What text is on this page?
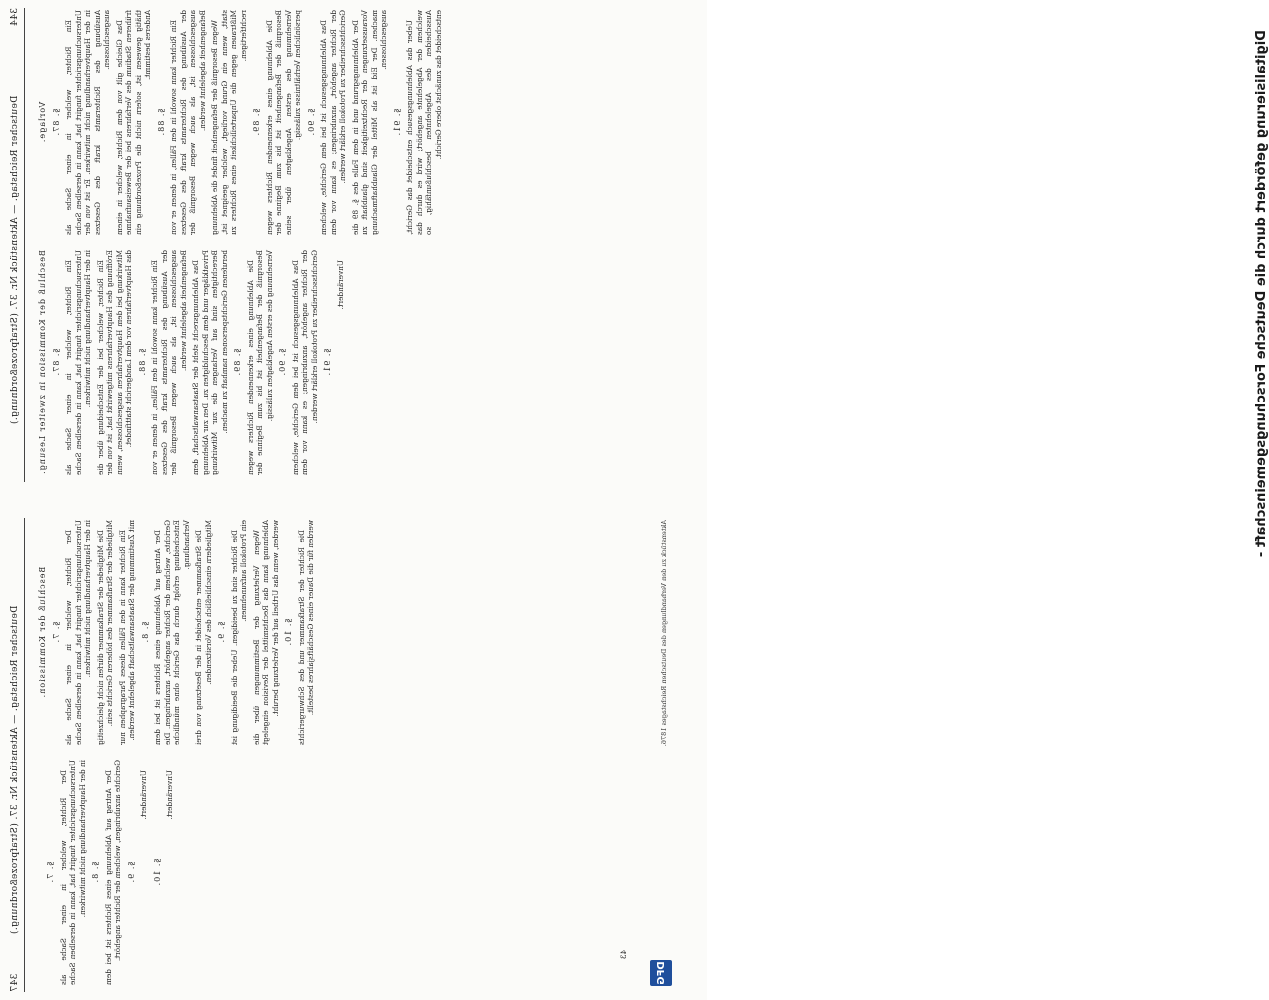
344
Deutscher Reichstag. — Aktenstück Nr. 37. (Strafprozeßordnung.) Vorlage. §. 87. Ein Richter, welcher in einer Sache als Untersuchungsrichter fungirt hat, kann in derselben Sache in der Hauptverhandlung nicht mitwirken. Er ist von der Ausübung des Richteramts kraft des Gesetzes ausgeschlossen. Das Gleiche gilt von dem Richter, welcher in einem früheren Stadium des Verfahrens bei der Beweisaufnahme thätig gewesen ist, sofern nicht die Prozeßordnung ein Anderes bestimmt.
§. 88. Ein Richter kann sowohl in den Fällen, in denen er von der Ausübung des Richteramts kraft des Gesetzes ausgeschlossen ist, als auch wegen Besorgniß der Befangenheit abgelehnt werden. Wegen Besorgniß der Befangenheit findet die Ablehnung statt, wenn ein Grund vorliegt, welcher geeignet ist, Mißtrauen gegen die Unparteilichkeit eines Richters zu rechtfertigen.
§. 89. Die Ablehnung eines erkennenden Richters wegen Besorgniß der Befangenheit ist bis zum Beginne der Vernehmung des ersten Angeklagten über seine persönlichen Verhältnisse zulässig. §. 90. Das Ablehnungsgesuch ist bei dem Gerichte, welchem der Richter angehört, anzubringen; es kann vor dem Gerichtsschreiber zu Protokoll erklärt werden. Der Ablehnungsgrund und in dem Falle des §. 89 die Voraussetzungen der Rechtzeitigkeit sind glaubhaft zu machen. Der Eid ist als Mittel der Glaubhaftmachung ausgeschlossen.
§. 91. Ueber das Ablehnungsgesuch entscheidet das Gericht, welchem der Abgelehnte angehört; wird es durch das Ausscheiden des Abgelehnten beschlußunfähig, so entscheidet das zunächst obere Gericht.
Beschluß der Kommission in zweiter Lesung. §. 87. Ein Richter, welcher in einer Sache als Untersuchungsrichter fungirt hat, kann in derselben Sache in der Hauptverhandlung nicht mitwirken. Ein Richter, welcher bei der Entscheidung über die Eröffnung des Hauptverfahrens mitgewirkt hat, ist von der Mitwirkung bei dem Hauptverfahren ausgeschlossen, wenn das Hauptverfahren vor dem Landgericht stattfindet. §. 88. Ein Richter kann sowohl in den Fällen, in denen er von der Ausübung des Richteramts kraft des Gesetzes ausgeschlossen ist, als auch wegen Besorgniß der Befangenheit abgelehnt werden. Das Ablehnungsrecht steht der Staatsanwaltschaft, dem Privatkläger und dem Beschuldigten zu. Den zur Ablehnung Berechtigten sind auf Verlangen die zur Mitwirkung berufenen Gerichtspersonen namhaft zu machen. §. 89. Die Ablehnung eines erkennenden Richters wegen Besorgniß der Befangenheit ist bis zum Beginne der Vernehmung des ersten Angeklagten zulässig. §. 90. Das Ablehnungsgesuch ist bei dem Gerichte, welchem der Richter angehört, anzubringen; es kann vor dem Gerichtsschreiber zu Protokoll erklärt werden. §. 91.
Unverändert.
Deutscher Reichstag. — Aktenstück Nr. 37. (Strafprozeßordnung.)
347
Beschluß der Kommission. §. 7. Der Richter, welcher in einer Sache als Untersuchungsrichter fungirt hat, kann in derselben Sache in der Hauptverhandlung nicht mitwirken. Die Mitglieder der Strafkammer dürfen nicht gleichzeitig Mitglieder der Strafkammer des höheren Gerichts sein. Ein Richter kann in den Fällen dieses Paragraphen nur mit Zustimmung der Staatsanwaltschaft abgelehnt werden. §. 8. Der Antrag auf Ablehnung eines Richters ist bei dem Gerichte, welchem der Richter angehört, anzubringen. Die Entscheidung erfolgt durch das Gericht ohne mündliche Verhandlung. Die Strafkammer entscheidet in der Besetzung von drei Mitgliedern einschließlich des Vorsitzenden. §. 9. Die Richter sind zu beeidigen. Ueber die Beeidigung ist ein Protokoll aufzunehmen. Wegen Verletzung der Bestimmungen über die Ablehnung kann das Rechtsmittel der Revision eingelegt werden, wenn das Urtheil auf der Verletzung beruht. §. 10. Die Richter der Strafkammer und des Schwurgerichts werden für die Dauer eines Geschäftsjahres bestellt.
§. 7. Der Richter, welcher in einer Sache als Untersuchungsrichter fungirt hat, kann in derselben Sache in der Hauptverhandlung nicht mitwirken. §. 8. Der Antrag auf Ablehnung eines Richters ist bei dem Gerichte anzubringen, welchem der Richter angehört. §. 9.
Unverändert.
§. 10.
Unverändert.
Aktenstück zu den Verhandlungen des Deutschen Reichstages 1876.
Digitalisierung gefördert durch die Deutsche Forschungsgemeinschaft -
DFG
43
